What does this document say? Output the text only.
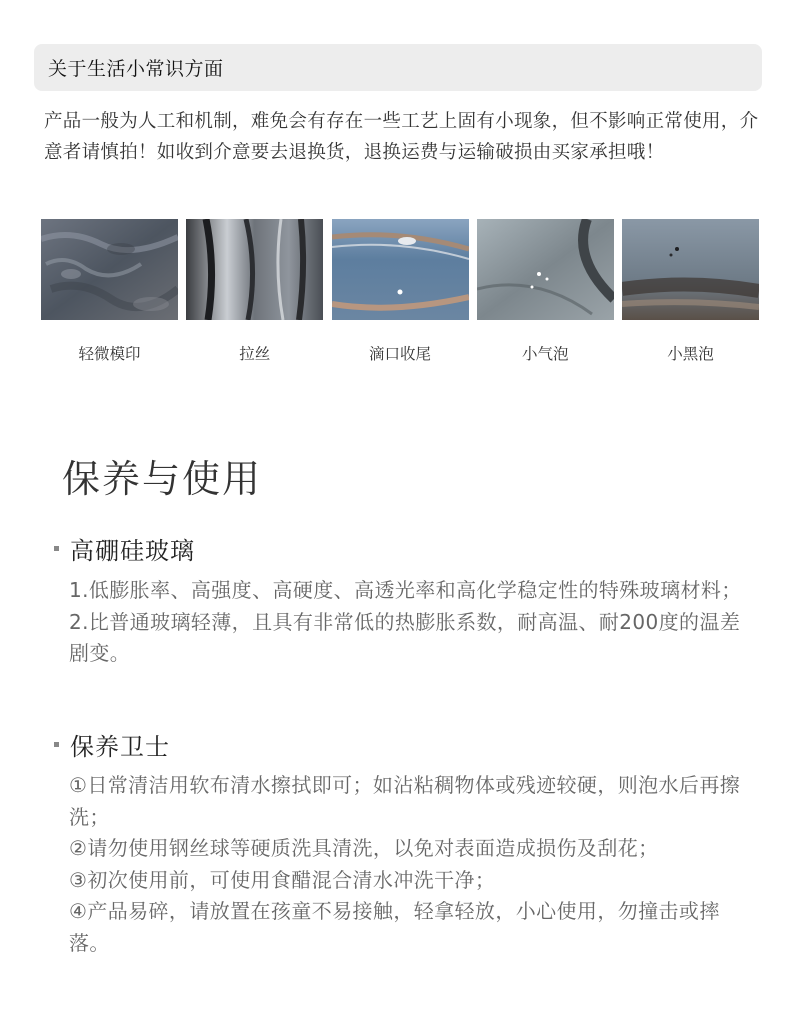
关于生活小常识方面
产品一般为人工和机制，难免会有存在一些工艺上固有小现象，但不影响正常使用，介意者请慎拍！如收到介意要去退换货，退换运费与运输破损由买家承担哦！
轻微模印	拉丝	滴口收尾	小气泡	小黑泡
保养与使用
高硼硅玻璃

1.低膨胀率、高强度、高硬度、高透光率和高化学稳定性的特殊玻璃材料；

2.比普通玻璃轻薄，且具有非常低的热膨胀系数，耐高温、耐200度的温差剧变。

保养卫士

①日常清洁用软布清水擦拭即可；如沾粘稠物体或残迹较硬，则泡水后再擦洗；

②请勿使用钢丝球等硬质洗具清洗，以免对表面造成损伤及刮花；

③初次使用前，可使用食醋混合清水冲洗干净；

④产品易碎，请放置在孩童不易接触，轻拿轻放，小心使用，勿撞击或摔落。
